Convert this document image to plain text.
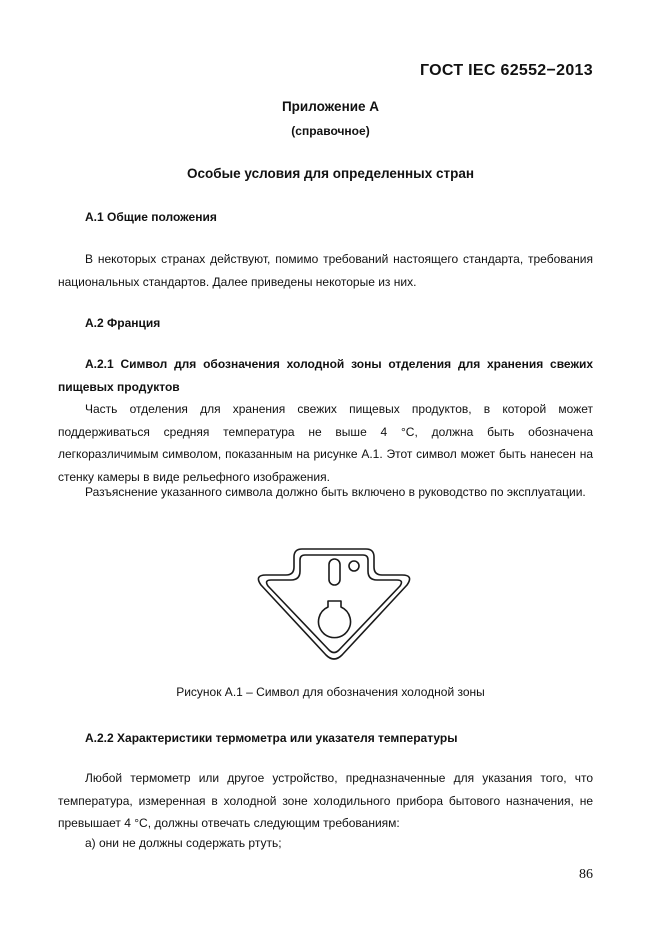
ГОСТ IEC 62552−2013
Приложение А
(справочное)
Особые условия для определенных стран
А.1 Общие положения
В некоторых странах действуют, помимо требований настоящего стандарта, требования национальных стандартов. Далее приведены некоторые из них.
А.2 Франция
А.2.1 Символ для обозначения холодной зоны отделения для хранения свежих пищевых продуктов
Часть отделения для хранения свежих пищевых продуктов, в которой может поддерживаться средняя температура не выше 4 °С, должна быть обозначена легкоразличимым символом, показанным на рисунке А.1. Этот символ может быть нанесен на стенку камеры в виде рельефного изображения.
Разъяснение указанного символа должно быть включено в руководство по эксплуатации.
Рисунок А.1 – Символ для обозначения холодной зоны
А.2.2 Характеристики термометра или указателя температуры
Любой термометр или другое устройство, предназначенные для указания того, что температура, измеренная в холодной зоне холодильного прибора бытового назначения, не превышает 4 °С, должны отвечать следующим требованиям:
а) они не должны содержать ртуть;
86
